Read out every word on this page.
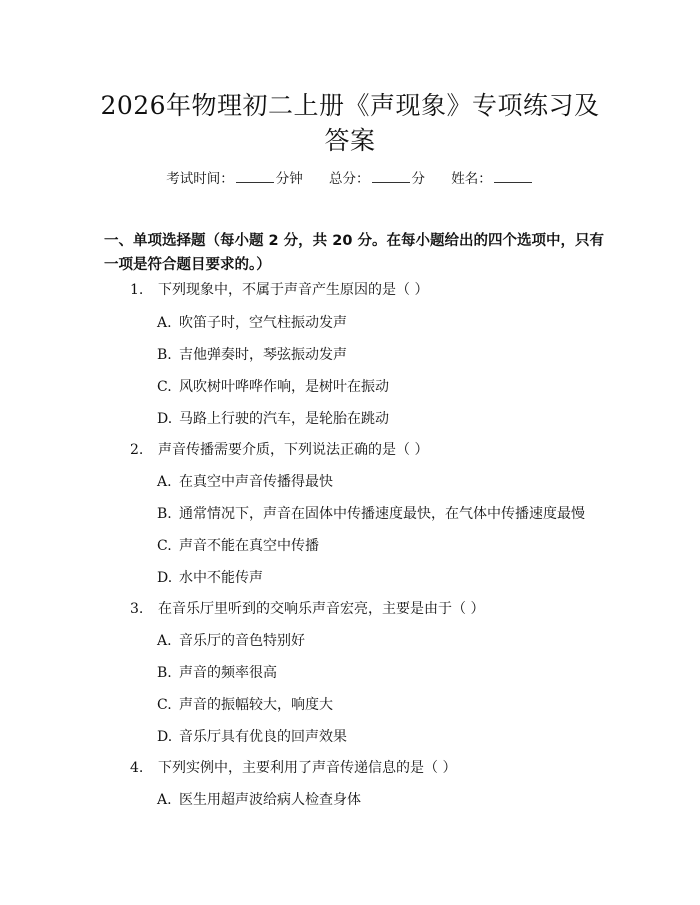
2026年物理初二上册《声现象》专项练习及答案
考试时间：	分钟 总分：	分 姓名：
一、单项选择题（每小题 2 分，共 20 分。在每小题给出的四个选项中，只有一项是符合题目要求的。）
1. 下列现象中，不属于声音产生原因的是（ ）
A. 吹笛子时，空气柱振动发声
B. 吉他弹奏时，琴弦振动发声
C. 风吹树叶哗哗作响，是树叶在振动
D. 马路上行驶的汽车，是轮胎在跳动
2. 声音传播需要介质，下列说法正确的是（ ）
A. 在真空中声音传播得最快
B. 通常情况下，声音在固体中传播速度最快，在气体中传播速度最慢
C. 声音不能在真空中传播
D. 水中不能传声
3. 在音乐厅里听到的交响乐声音宏亮，主要是由于（ ）
A. 音乐厅的音色特别好
B. 声音的频率很高
C. 声音的振幅较大，响度大
D. 音乐厅具有优良的回声效果
4. 下列实例中，主要利用了声音传递信息的是（ ）
A. 医生用超声波给病人检查身体
